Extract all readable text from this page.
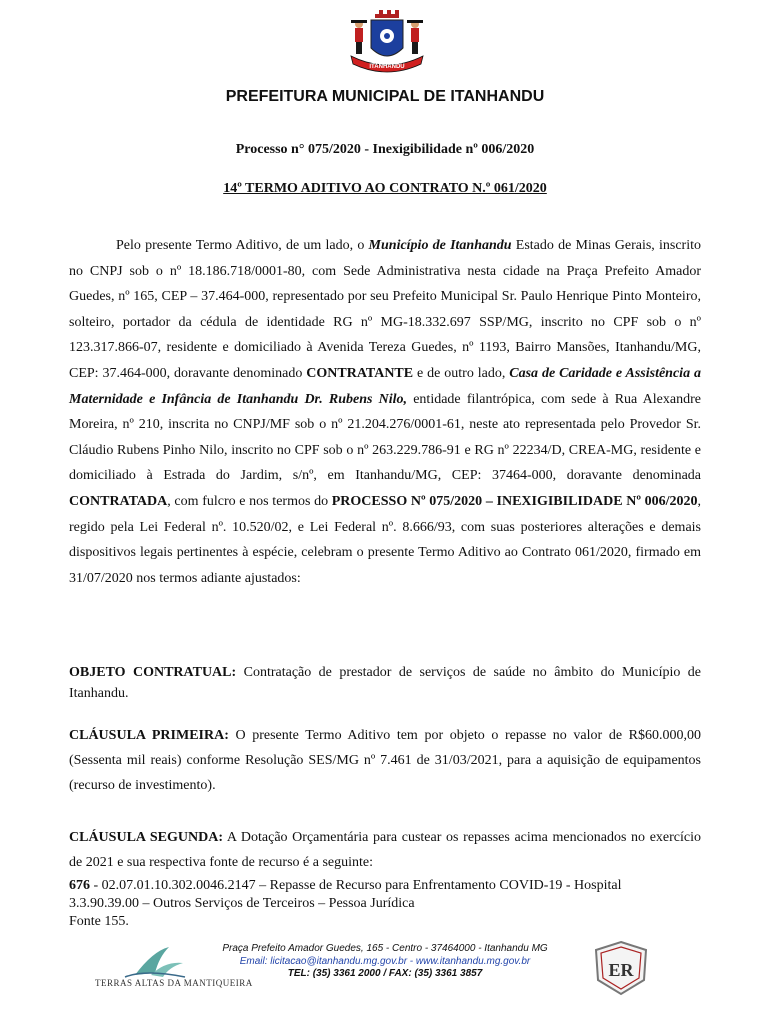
ITANHANDU
PREFEITURA MUNICIPAL DE ITANHANDU
Processo n° 075/2020 - Inexigibilidade nº 006/2020
14º TERMO ADITIVO AO CONTRATO N.º 061/2020
Pelo presente Termo Aditivo, de um lado, o Município de Itanhandu Estado de Minas Gerais, inscrito no CNPJ sob o nº 18.186.718/0001-80, com Sede Administrativa nesta cidade na Praça Prefeito Amador Guedes, nº 165, CEP – 37.464-000, representado por seu Prefeito Municipal Sr. Paulo Henrique Pinto Monteiro, solteiro, portador da cédula de identidade RG nº MG-18.332.697 SSP/MG, inscrito no CPF sob o nº 123.317.866-07, residente e domiciliado à Avenida Tereza Guedes, nº 1193, Bairro Mansões, Itanhandu/MG, CEP: 37.464-000, doravante denominado CONTRATANTE e de outro lado, Casa de Caridade e Assistência a Maternidade e Infância de Itanhandu Dr. Rubens Nilo, entidade filantrópica, com sede à Rua Alexandre Moreira, nº 210, inscrita no CNPJ/MF sob o nº 21.204.276/0001-61, neste ato representada pelo Provedor Sr. Cláudio Rubens Pinho Nilo, inscrito no CPF sob o nº 263.229.786-91 e RG nº 22234/D, CREA-MG, residente e domiciliado à Estrada do Jardim, s/nº, em Itanhandu/MG, CEP: 37464-000, doravante denominada CONTRATADA, com fulcro e nos termos do PROCESSO Nº 075/2020 – INEXIGIBILIDADE Nº 006/2020, regido pela Lei Federal nº. 10.520/02, e Lei Federal nº. 8.666/93, com suas posteriores alterações e demais dispositivos legais pertinentes à espécie, celebram o presente Termo Aditivo ao Contrato 061/2020, firmado em 31/07/2020 nos termos adiante ajustados:
OBJETO CONTRATUAL: Contratação de prestador de serviços de saúde no âmbito do Município de Itanhandu.
CLÁUSULA PRIMEIRA: O presente Termo Aditivo tem por objeto o repasse no valor de R$60.000,00 (Sessenta mil reais) conforme Resolução SES/MG nº 7.461 de 31/03/2021, para a aquisição de equipamentos (recurso de investimento).
CLÁUSULA SEGUNDA: A Dotação Orçamentária para custear os repasses acima mencionados no exercício de 2021 e sua respectiva fonte de recurso é a seguinte:
676 - 02.07.01.10.302.0046.2147 – Repasse de Recurso para Enfrentamento COVID-19 - Hospital
3.3.90.39.00 – Outros Serviços de Terceiros – Pessoa Jurídica
Fonte 155.
TERRAS ALTAS DA MANTIQUEIRA
Praça Prefeito Amador Guedes, 165 - Centro - 37464000 - Itanhandu MG
Email: licitacao@itanhandu.mg.gov.br - www.itanhandu.mg.gov.br
TEL: (35) 3361 2000 / FAX: (35) 3361 3857	ER
